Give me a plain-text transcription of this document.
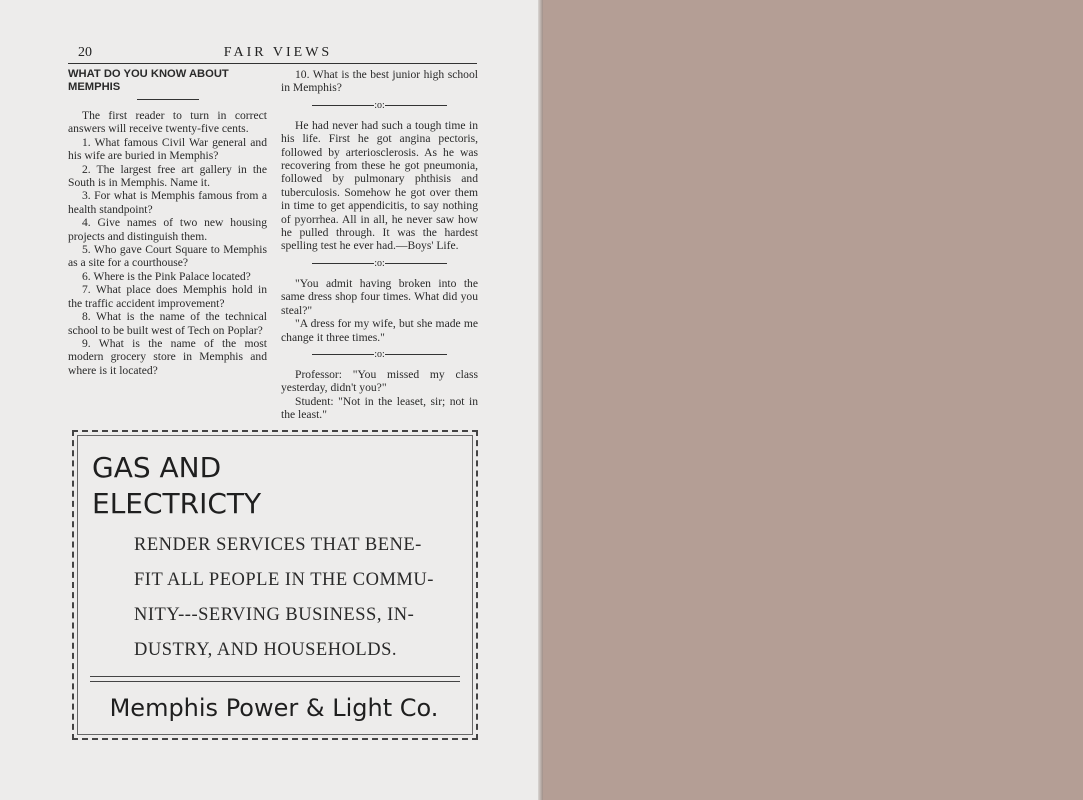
20	FAIR VIEWS

WHAT DO YOU KNOW ABOUT

MEMPHIS

The first reader to turn in correct answers will receive twenty-five cents.

1. What famous Civil War general and his wife are buried in Memphis?

2. The largest free art gallery in the South is in Memphis. Name it.

3. For what is Memphis famous from a health standpoint?

4. Give names of two new housing projects and distinguish them.

5. Who gave Court Square to Memphis as a site for a courthouse?

6. Where is the Pink Palace located?

7. What place does Memphis hold in the traffic accident improvement?

8. What is the name of the technical school to be built west of Tech on Poplar?

9. What is the name of the most modern grocery store in Memphis and where is it located?

10. What is the best junior high school in Memphis?

:o:

He had never had such a tough time in his life. First he got angina pectoris, followed by arteriosclerosis. As he was recovering from these he got pneumonia, followed by pulmonary phthisis and tuberculosis. Somehow he got over them in time to get appendicitis, to say nothing of pyorrhea. All in all, he never saw how he pulled through. It was the hardest spelling test he ever had.—Boys' Life.

:o:

"You admit having broken into the same dress shop four times. What did you steal?"

"A dress for my wife, but she made me change it three times."

:o:

Professor: "You missed my class yesterday, didn't you?"

Student: "Not in the leaset, sir; not in the least."

GAS AND
ELECTRICTY
RENDER SERVICES THAT BENE-
FIT ALL PEOPLE IN THE COMMU-
NITY---SERVING BUSINESS, IN-
DUSTRY, AND HOUSEHOLDS.
Memphis Power & Light Co.
